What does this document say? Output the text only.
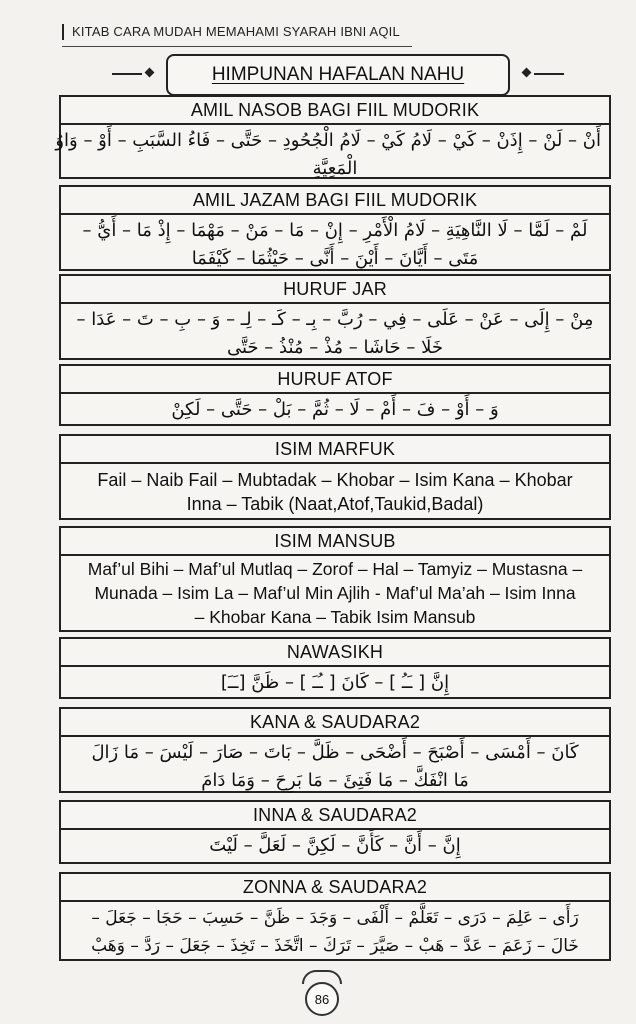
KITAB CARA MUDAH MEMAHAMI SYARAH IBNI AQIL
HIMPUNAN HAFALAN NAHU
AMIL NASOB BAGI FIIL MUDORIK
أَنْ – لَنْ – إِذَنْ – كَيْ – لَامُ كَيْ – لَامُ الْجُحُودِ – حَتَّى – فَاءُ السَّبَبِ – أَوْ – وَاوُ
الْمَعِيَّةِ
AMIL JAZAM BAGI FIIL MUDORIK
لَمْ – لَمَّا – لَا النَّاهِيَةِ – لَامُ الْأَمْرِ – إِنْ – مَا – مَنْ – مَهْمَا – إِذْ مَا – أَيُّ –
مَتَى – أَيَّانَ – أَيْنَ – أَنَّى – حَيْثُمَا – كَيْفَمَا
HURUF JAR
مِنْ – إِلَى – عَنْ – عَلَى – فِي – رُبَّ – بِـ – كَـ – لِـ – وَ – بِ – تَ – عَدَا –
خَلَا – حَاشَا – مُذْ – مُنْذُ – حَتَّى
HURUF ATOF
وَ – أَوْ – فَ – أَمْ – لَا – ثُمَّ – بَلْ – حَتَّى – لَكِنْ
ISIM MARFUK
Fail – Naib Fail – Mubtadak – Khobar – Isim Kana – Khobar
Inna – Tabik (Naat,Atof,Taukid,Badal)
ISIM MANSUB
Maf’ul Bihi – Maf’ul Mutlaq – Zorof – Hal – Tamyiz – Mustasna –
Munada – Isim La – Maf’ul Min Ajlih - Maf’ul Ma’ah – Isim Inna
– Khobar Kana – Tabik Isim Mansub
NAWASIKH
إِنَّ [ ـَـُ ] – كَانَ [ ـُـَ ] – ظَنَّ [ـَـَ]
KANA & SAUDARA2
كَانَ – أَمْسَى – أَصْبَحَ – أَضْحَى – ظَلَّ – بَاتَ – صَارَ – لَيْسَ – مَا زَالَ
مَا انْفَكَّ – مَا فَتِئَ – مَا بَرِحَ – وَمَا دَامَ
INNA & SAUDARA2
إِنَّ – أَنَّ – كَأَنَّ – لَكِنَّ – لَعَلَّ – لَيْتَ
ZONNA & SAUDARA2
رَأَى – عَلِمَ – دَرَى – تَعَلَّمْ – أَلْفَى – وَجَدَ – ظَنَّ – حَسِبَ – حَجَا – جَعَلَ –
خَالَ – زَعَمَ – عَدَّ – هَبْ – صَيَّرَ – تَرَكَ – اتَّخَذَ – تَخِذَ – جَعَلَ – رَدَّ – وَهَبْ
86
